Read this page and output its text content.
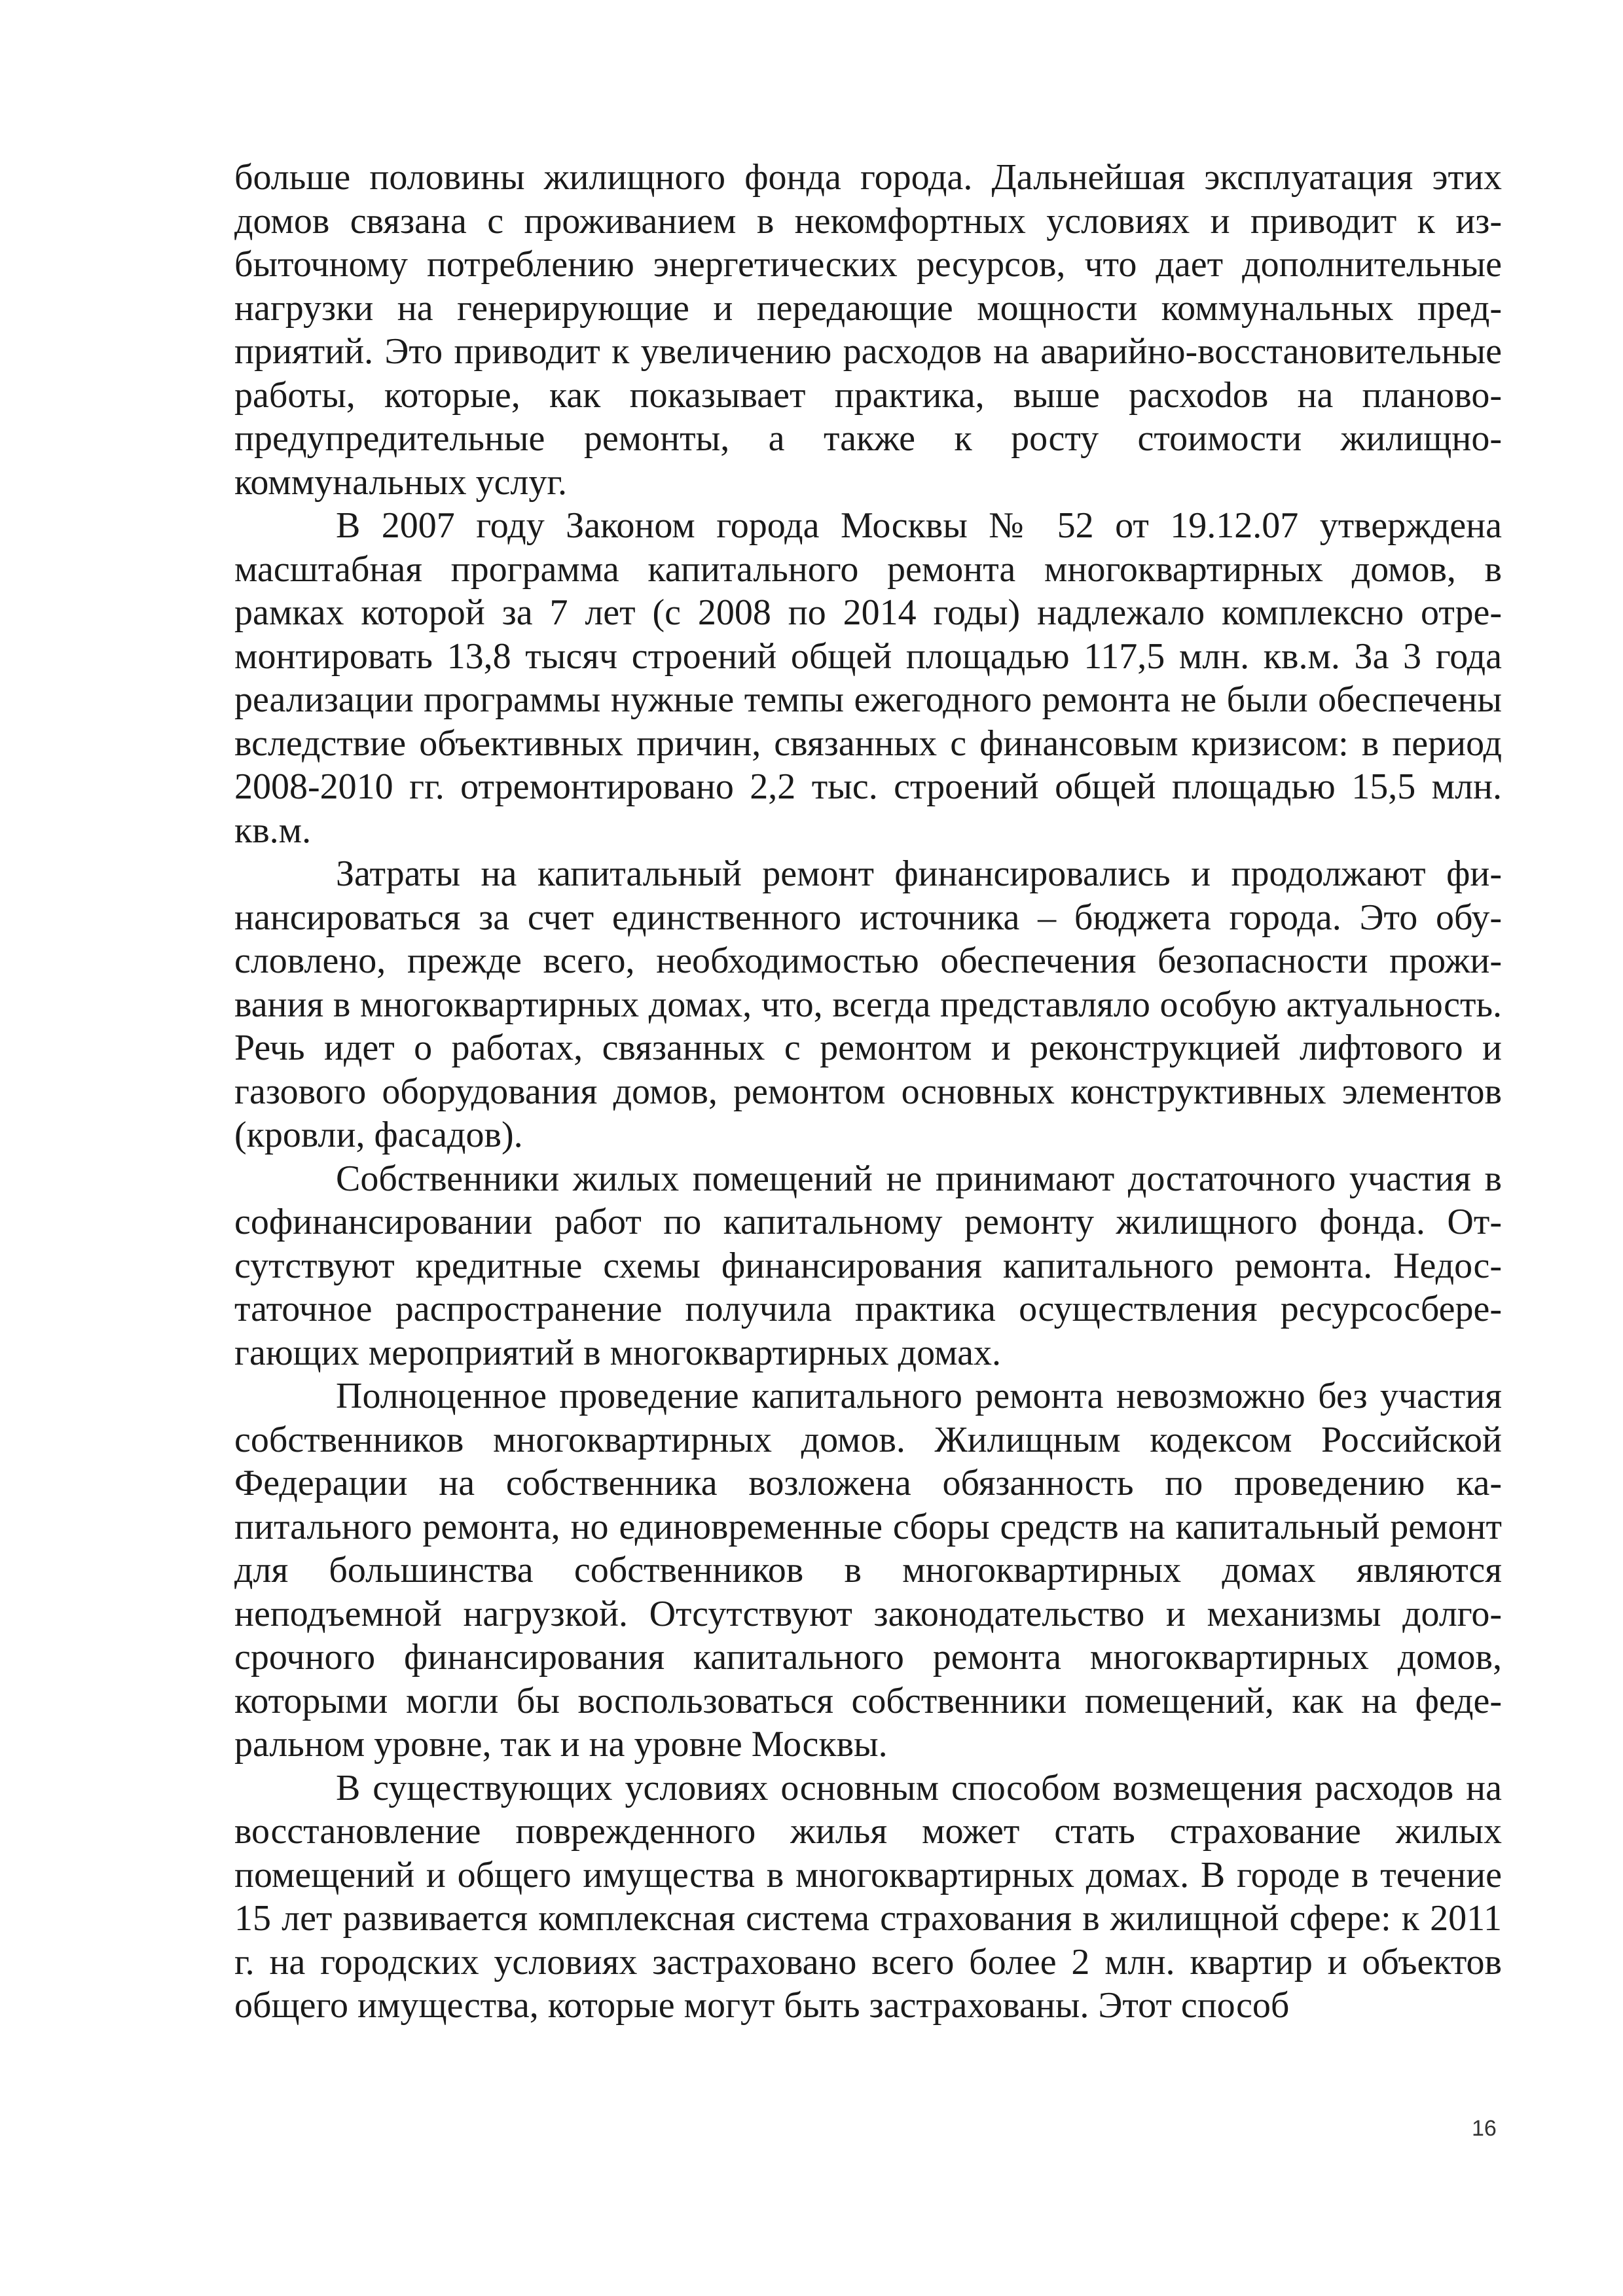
больше половины жилищного фонда города. Дальнейшая эксплуатация этих домов связана с проживанием в некомфортных условиях и приводит к избыточному потреблению энергетических ресурсов, что дает дополнительные нагрузки на генерирующие и передающие мощности коммунальных предприятий. Это приводит к увеличению расходов на аварийно-восстановительные работы, которые, как показывает практика, выше расхоdов на планово-предупредительные ремонты, а также к росту стоимости жилищно-коммунальных услуг.

В 2007 году Законом города Москвы № 52 от 19.12.07 утверждена масштабная программа капитального ремонта многоквартирных домов, в рамках которой за 7 лет (с 2008 по 2014 годы) надлежало комплексно отремонтировать 13,8 тысяч строений общей площадью 117,5 млн. кв.м. За 3 года реализации программы нужные темпы ежегодного ремонта не были обеспечены вследствие объективных причин, связанных с финансовым кризисом: в период 2008-2010 гг. отремонтировано 2,2 тыс. строений общей площадью 15,5 млн. кв.м.

Затраты на капитальный ремонт финансировались и продолжают финансироваться за счет единственного источника – бюджета города. Это обусловлено, прежде всего, необходимостью обеспечения безопасности проживания в многоквартирных домах, что, всегда представляло особую актуальность. Речь идет о работах, связанных с ремонтом и реконструкцией лифтового и газового оборудования домов, ремонтом основных конструктивных элементов (кровли, фасадов).

Собственники жилых помещений не принимают достаточного участия в софинансировании работ по капитальному ремонту жилищного фонда. Отсутствуют кредитные схемы финансирования капитального ремонта. Недостаточное распространение получила практика осуществления ресурсосберегающих мероприятий в многоквартирных домах.

Полноценное проведение капитального ремонта невозможно без участия собственников многоквартирных домов. Жилищным кодексом Российской Федерации на собственника возложена обязанность по проведению капитального ремонта, но единовременные сборы средств на капитальный ремонт для большинства собственников в многоквартирных домах являются неподъемной нагрузкой. Отсутствуют законодательство и механизмы долгосрочного финансирования капитального ремонта многоквартирных домов, которыми могли бы воспользоваться собственники помещений, как на федеральном уровне, так и на уровне Москвы.

В существующих условиях основным способом возмещения расходов на восстановление поврежденного жилья может стать страхование жилых помещений и общего имущества в многоквартирных домах. В городе в течение 15 лет развивается комплексная система страхования в жилищной сфере: к 2011 г. на городских условиях застраховано всего более 2 млн. квартир и объектов общего имущества, которые могут быть застрахованы. Этот способ

16
